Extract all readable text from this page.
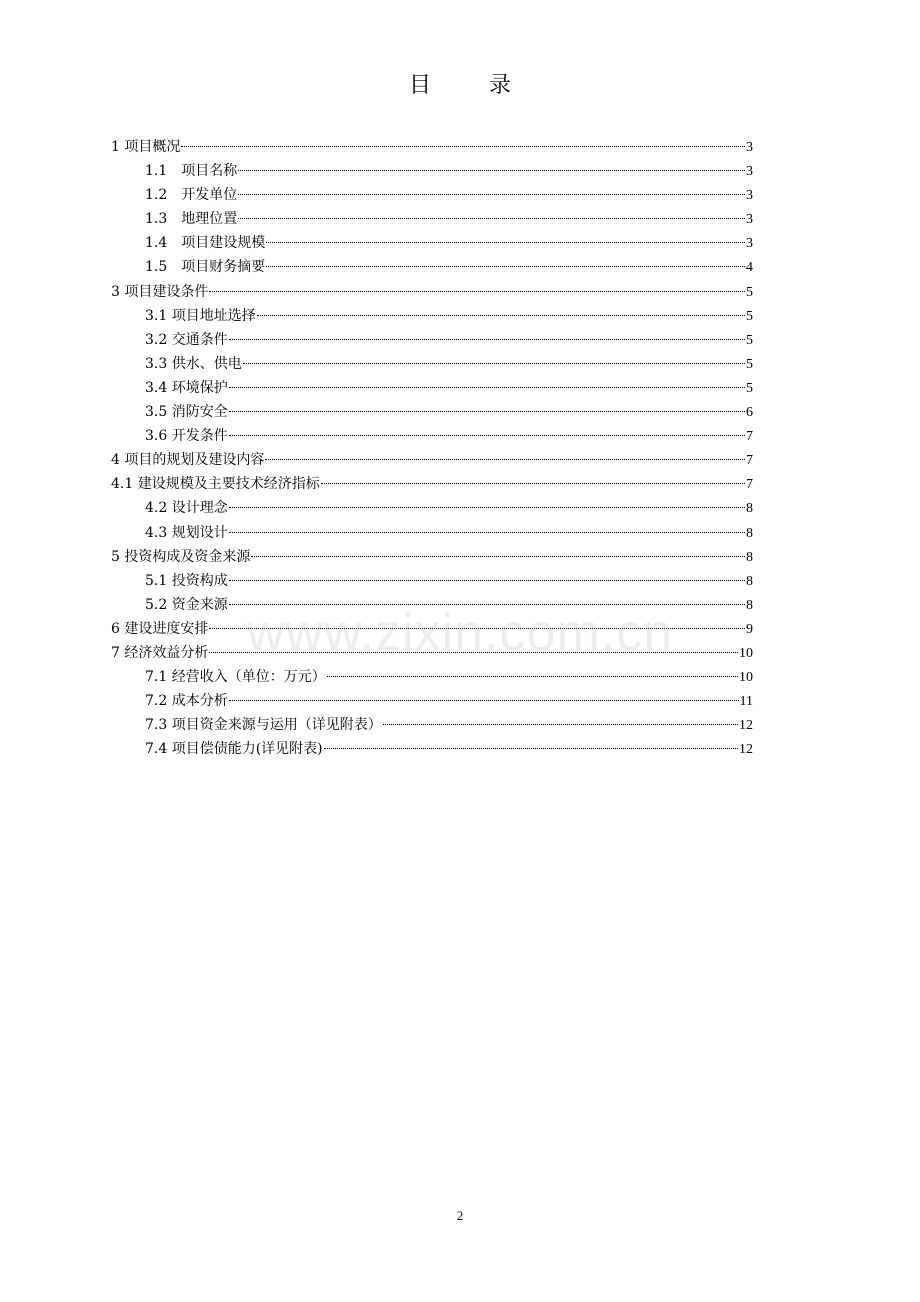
目	录
1 项目概况	3
1.1　项目名称	3
1.2　开发单位	3
1.3　地理位置	3
1.4　项目建设规模	3
1.5　项目财务摘要	4
3 项目建设条件	5
3.1 项目地址选择	5
3.2 交通条件	5
3.3 供水、供电	5
3.4 环境保护	5
3.5 消防安全	6
3.6 开发条件	7
4 项目的规划及建设内容	7
4.1 建设规模及主要技术经济指标	7
4.2 设计理念	8
4.3 规划设计	8
5 投资构成及资金来源	8
5.1 投资构成	8
5.2 资金来源	8
6 建设进度安排	9
7 经济效益分析	10
7.1 经营收入（单位：万元）	10
7.2 成本分析	11
7.3 项目资金来源与运用（详见附表）	12
7.4 项目偿债能力(详见附表)	12
www.zixin.com.cn
2
